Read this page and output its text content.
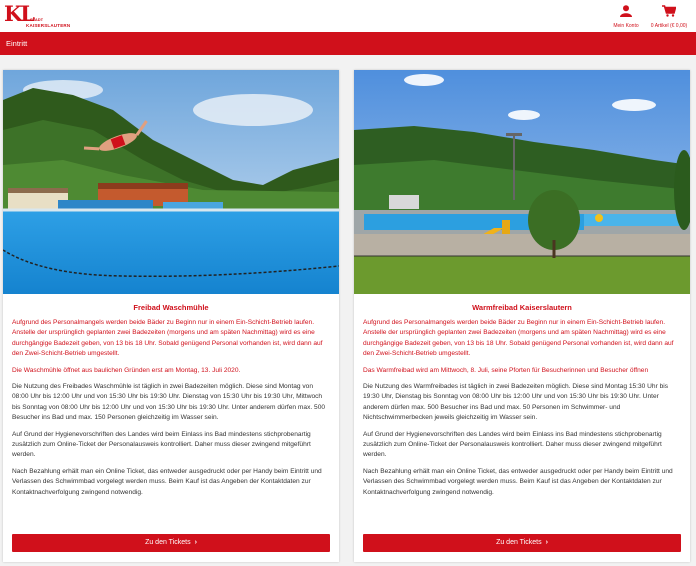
KL
STADT
KAISERSLAUTERN	Mein Konto	0 Artikel (€ 0,00)
Eintritt
Freibad Waschmühle

Aufgrund des Personalmangels werden beide Bäder zu Beginn nur in einem Ein-Schicht-Betrieb laufen. Anstelle der ursprünglich geplanten zwei Badezeiten (morgens und am späten Nachmittag) wird es eine durchgängige Badezeit geben, von 13 bis 18 Uhr. Sobald genügend Personal vorhanden ist, wird dann auf den Zwei-Schicht-Betrieb umgestellt.

Die Waschmühle öffnet aus baulichen Gründen erst am Montag, 13. Juli 2020.

Die Nutzung des Freibades Waschmühle ist täglich in zwei Badezeiten möglich. Diese sind Montag von 08:00 Uhr bis 12:00 Uhr und von 15:30 Uhr bis 19:30 Uhr. Dienstag von 15:30 Uhr bis 19:30 Uhr, Mittwoch bis Sonntag von 08:00 Uhr bis 12:00 Uhr und von 15:30 Uhr bis 19:30 Uhr. Unter anderem dürfen max. 500 Besucher ins Bad und max. 150 Personen gleichzeitig im Wasser sein.

Auf Grund der Hygienevorschriften des Landes wird beim Einlass ins Bad mindestens stichprobenartig zusätzlich zum Online-Ticket der Personalausweis kontrolliert. Daher muss dieser zwingend mitgeführt werden.

Nach Bezahlung erhält man ein Online Ticket, das entweder ausgedruckt oder per Handy beim Eintritt und Verlassen des Schwimmbad vorgelegt werden muss. Beim Kauf ist das Angeben der Kontaktdaten zur Kontaktnachverfolgung zwingend notwendig.

Zu den Tickets ›
Warmfreibad Kaiserslautern

Aufgrund des Personalmangels werden beide Bäder zu Beginn nur in einem Ein-Schicht-Betrieb laufen. Anstelle der ursprünglich geplanten zwei Badezeiten (morgens und am späten Nachmittag) wird es eine durchgängige Badezeit geben, von 13 bis 18 Uhr. Sobald genügend Personal vorhanden ist, wird dann auf den Zwei-Schicht-Betrieb umgestellt.

Das Warmfreibad wird am Mittwoch, 8. Juli, seine Pforten für Besucherinnen und Besucher öffnen

Die Nutzung des Warmfreibades ist täglich in zwei Badezeiten möglich. Diese sind Montag 15:30 Uhr bis 19:30 Uhr, Dienstag bis Sonntag von 08:00 Uhr bis 12:00 Uhr und von 15:30 Uhr bis 19:30 Uhr. Unter anderem dürfen max. 500 Besucher ins Bad und max. 50 Personen im Schwimmer- und Nichtschwimmerbecken jeweils gleichzeitig im Wasser sein.

Auf Grund der Hygienevorschriften des Landes wird beim Einlass ins Bad mindestens stichprobenartig zusätzlich zum Online-Ticket der Personalausweis kontrolliert. Daher muss dieser zwingend mitgeführt werden.

Nach Bezahlung erhält man ein Online Ticket, das entweder ausgedruckt oder per Handy beim Eintritt und Verlassen des Schwimmbad vorgelegt werden muss. Beim Kauf ist das Angeben der Kontaktdaten zur Kontaktnachverfolgung zwingend notwendig.

Zu den Tickets ›
